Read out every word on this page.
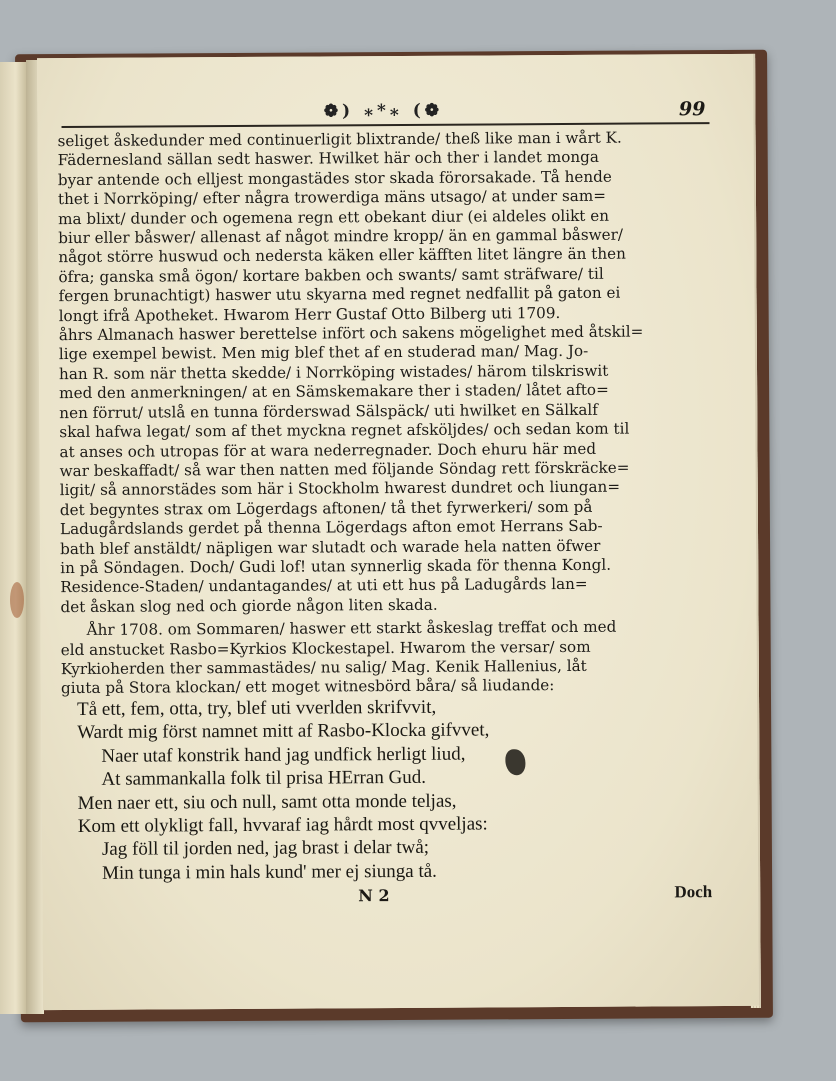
❁) ⁎*⁎ (❁	99
seliget åskedunder med continuerligit blixtrande/ theß like man i wårt K.
Fädernesland sällan sedt haswer. Hwilket här och ther i landet monga
byar antende och elljest mongastädes stor skada förorsakade. Tå hende
thet i Norrköping/ efter några trowerdiga mäns utsago/ at under sam=
ma blixt/ dunder och ogemena regn ett obekant diur (ei aldeles olikt en
biur eller båswer/ allenast af något mindre kropp/ än en gammal båswer/
något större huswud och nedersta käken eller käfften litet längre än then
öfra; ganska små ögon/ kortare bakben och swants/ samt sträfware/ til
fergen brunachtigt) haswer utu skyarna med regnet nedfallit på gaton ei
longt ifrå Apotheket. Hwarom Herr Gustaf Otto Bilberg uti 1709.
åhrs Almanach haswer berettelse infört och sakens mögelighet med åtskil=
lige exempel bewist. Men mig blef thet af en studerad man/ Mag. Jo-
han R. som när thetta skedde/ i Norrköping wistades/ härom tilskriswit
med den anmerkningen/ at en Sämskemakare ther i staden/ låtet afto=
nen förrut/ utslå en tunna förderswad Sälspäck/ uti hwilket en Sälkalf
skal hafwa legat/ som af thet myckna regnet afsköljdes/ och sedan kom til
at anses och utropas för at wara nederregnader. Doch ehuru här med
war beskaffadt/ så war then natten med följande Söndag rett förskräcke=
ligit/ så annorstädes som här i Stockholm hwarest dundret och liungan=
det begyntes strax om Lögerdags aftonen/ tå thet fyrwerkeri/ som på
Ladugårdslands gerdet på thenna Lögerdags afton emot Herrans Sab-
bath blef anstäldt/ näpligen war slutadt och warade hela natten öfwer
in på Söndagen. Doch/ Gudi lof! utan synnerlig skada för thenna Kongl.
Residence-Staden/ undantagandes/ at uti ett hus på Ladugårds lan=
det åskan slog ned och giorde någon liten skada.
Åhr 1708. om Sommaren/ haswer ett starkt åskeslag treffat och med
eld anstucket Rasbo=Kyrkios Klockestapel. Hwarom the versar/ som
Kyrkioherden ther sammastädes/ nu salig/ Mag. Kenik Hallenius, låt
giuta på Stora klockan/ ett moget witnesbörd båra/ så liudande:
Tå ett, fem, otta, try, blef uti vverlden skrifvvit,
Wardt mig först namnet mitt af Rasbo-Klocka gifvvet,
Naer utaf konstrik hand jag undfick herligt liud,
At sammankalla folk til prisa HErran Gud.
Men naer ett, siu och null, samt otta monde teljas,
Kom ett olykligt fall, hvvaraf iag hårdt most qvveljas:
Jag föll til jorden ned, jag brast i delar twå;
Min tunga i min hals kund' mer ej siunga tå.
N 2	Doch
